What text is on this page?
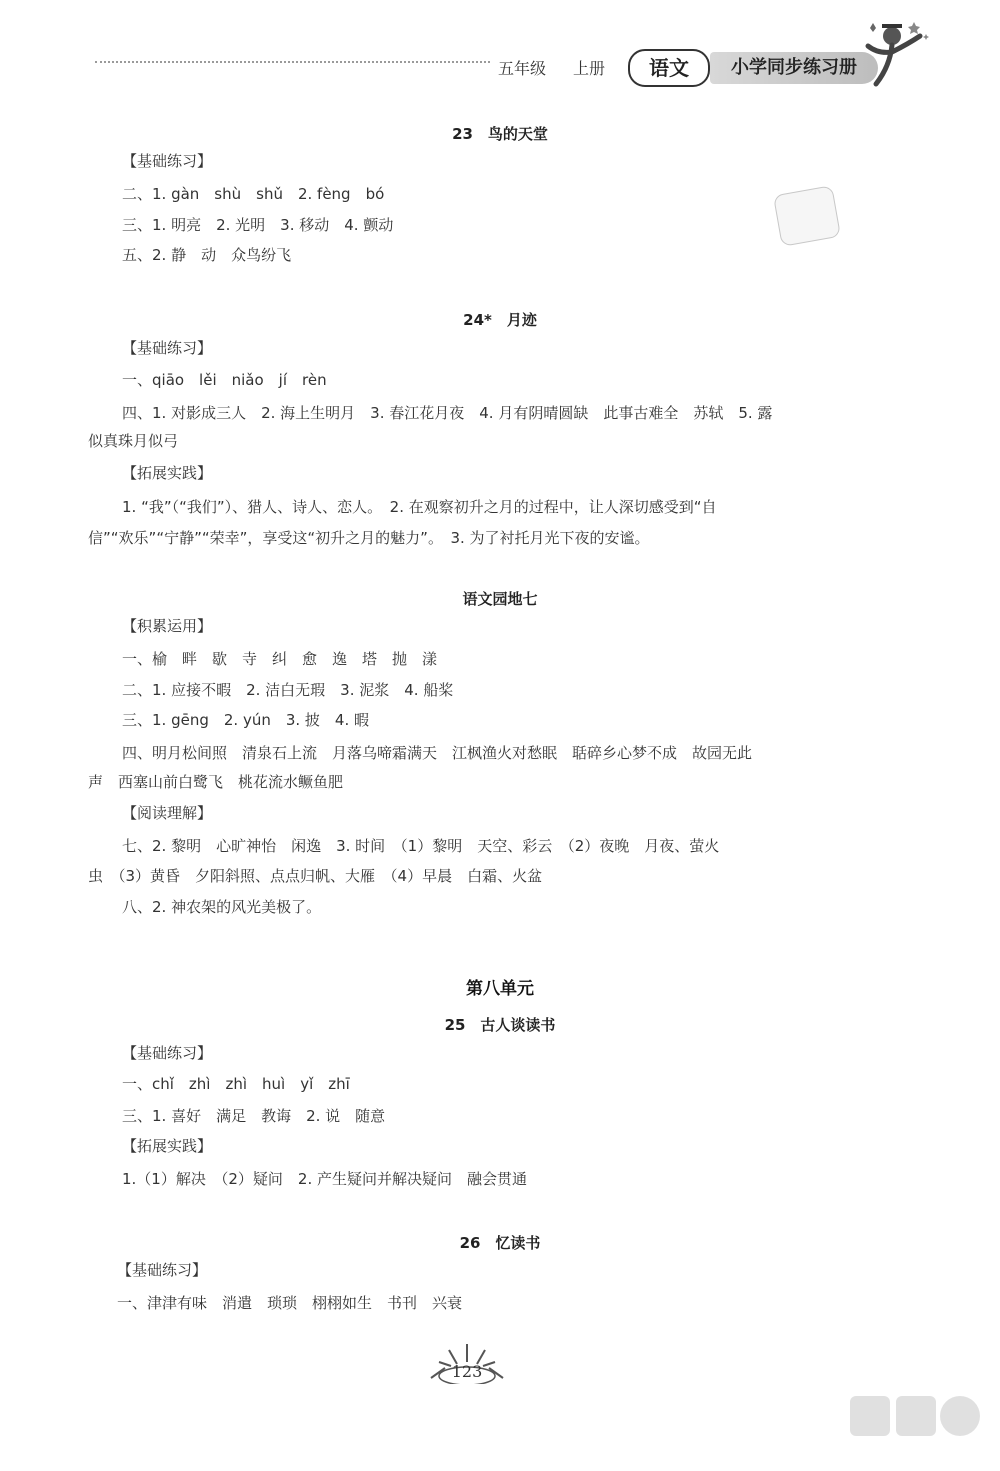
五年级 上册	语文	小学同步练习册
23　鸟的天堂
【基础练习】
二、1. gàn　shù　shǔ　2. fèng　bó
三、1. 明亮　2. 光明　3. 移动　4. 颤动
五、2. 静　动　众鸟纷飞
24*　月迹
【基础练习】
一、qiāo　lěi　niǎo　jí　rèn
四、1. 对影成三人　2. 海上生明月　3. 春江花月夜　4. 月有阴晴圆缺　此事古难全　苏轼　5. 露
似真珠月似弓
【拓展实践】
1. “我”（“我们”）、猎人、诗人、恋人。　2. 在观察初升之月的过程中，让人深切感受到“自
信”“欢乐”“宁静”“荣幸”，享受这“初升之月的魅力”。　3. 为了衬托月光下夜的安谧。
语文园地七
【积累运用】
一、榆　畔　歇　寺　纠　愈　逸　塔　抛　漾
二、1. 应接不暇　2. 洁白无瑕　3. 泥浆　4. 船桨
三、1. gēng　2. yún　3. 披　4. 暇
四、明月松间照　清泉石上流　月落乌啼霜满天　江枫渔火对愁眠　聒碎乡心梦不成　故园无此
声　西塞山前白鹭飞　桃花流水鳜鱼肥
【阅读理解】
七、2. 黎明　心旷神怡　闲逸　3. 时间　（1）黎明　天空、彩云　（2）夜晚　月夜、萤火
虫　（3）黄昏　夕阳斜照、点点归帆、大雁　（4）早晨　白霜、火盆
八、2. 神农架的风光美极了。
第八单元
25　古人谈读书
【基础练习】
一、chǐ　zhì　zhì　huì　yǐ　zhī
三、1. 喜好　满足　教诲　2. 说　随意
【拓展实践】
1.（1）解决　（2）疑问　2. 产生疑问并解决疑问　融会贯通
26　忆读书
【基础练习】
一、津津有味　消遣　琐琐　栩栩如生　书刊　兴衰
123
